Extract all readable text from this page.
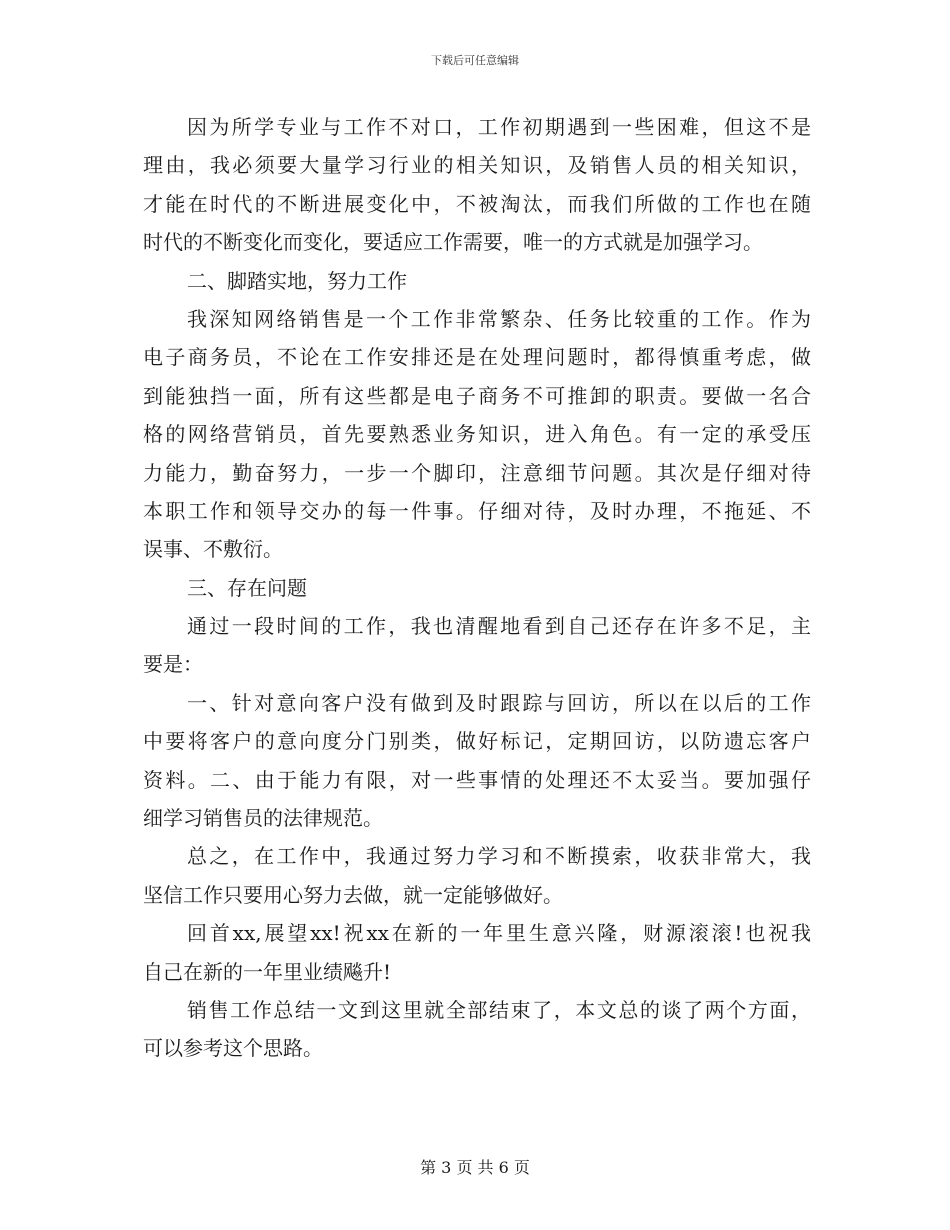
下载后可任意编辑
因为所学专业与工作不对口，工作初期遇到一些困难，但这不是
理由，我必须要大量学习行业的相关知识，及销售人员的相关知识，
才能在时代的不断进展变化中，不被淘汰，而我们所做的工作也在随
时代的不断变化而变化，要适应工作需要，唯一的方式就是加强学习。
二、脚踏实地，努力工作
我深知网络销售是一个工作非常繁杂、任务比较重的工作。作为
电子商务员，不论在工作安排还是在处理问题时，都得慎重考虑，做
到能独挡一面，所有这些都是电子商务不可推卸的职责。要做一名合
格的网络营销员，首先要熟悉业务知识，进入角色。有一定的承受压
力能力，勤奋努力，一步一个脚印，注意细节问题。其次是仔细对待
本职工作和领导交办的每一件事。仔细对待，及时办理，不拖延、不
误事、不敷衍。
三、存在问题
通过一段时间的工作，我也清醒地看到自己还存在许多不足，主
要是：
一、针对意向客户没有做到及时跟踪与回访，所以在以后的工作
中要将客户的意向度分门别类，做好标记，定期回访，以防遗忘客户
资料。二、由于能力有限，对一些事情的处理还不太妥当。要加强仔
细学习销售员的法律规范。
总之，在工作中，我通过努力学习和不断摸索，收获非常大，我
坚信工作只要用心努力去做，就一定能够做好。
回首xx,展望xx!祝xx在新的一年里生意兴隆，财源滚滚!也祝我
自己在新的一年里业绩飚升!
销售工作总结一文到这里就全部结束了，本文总的谈了两个方面，
可以参考这个思路。
第 3 页 共 6 页
